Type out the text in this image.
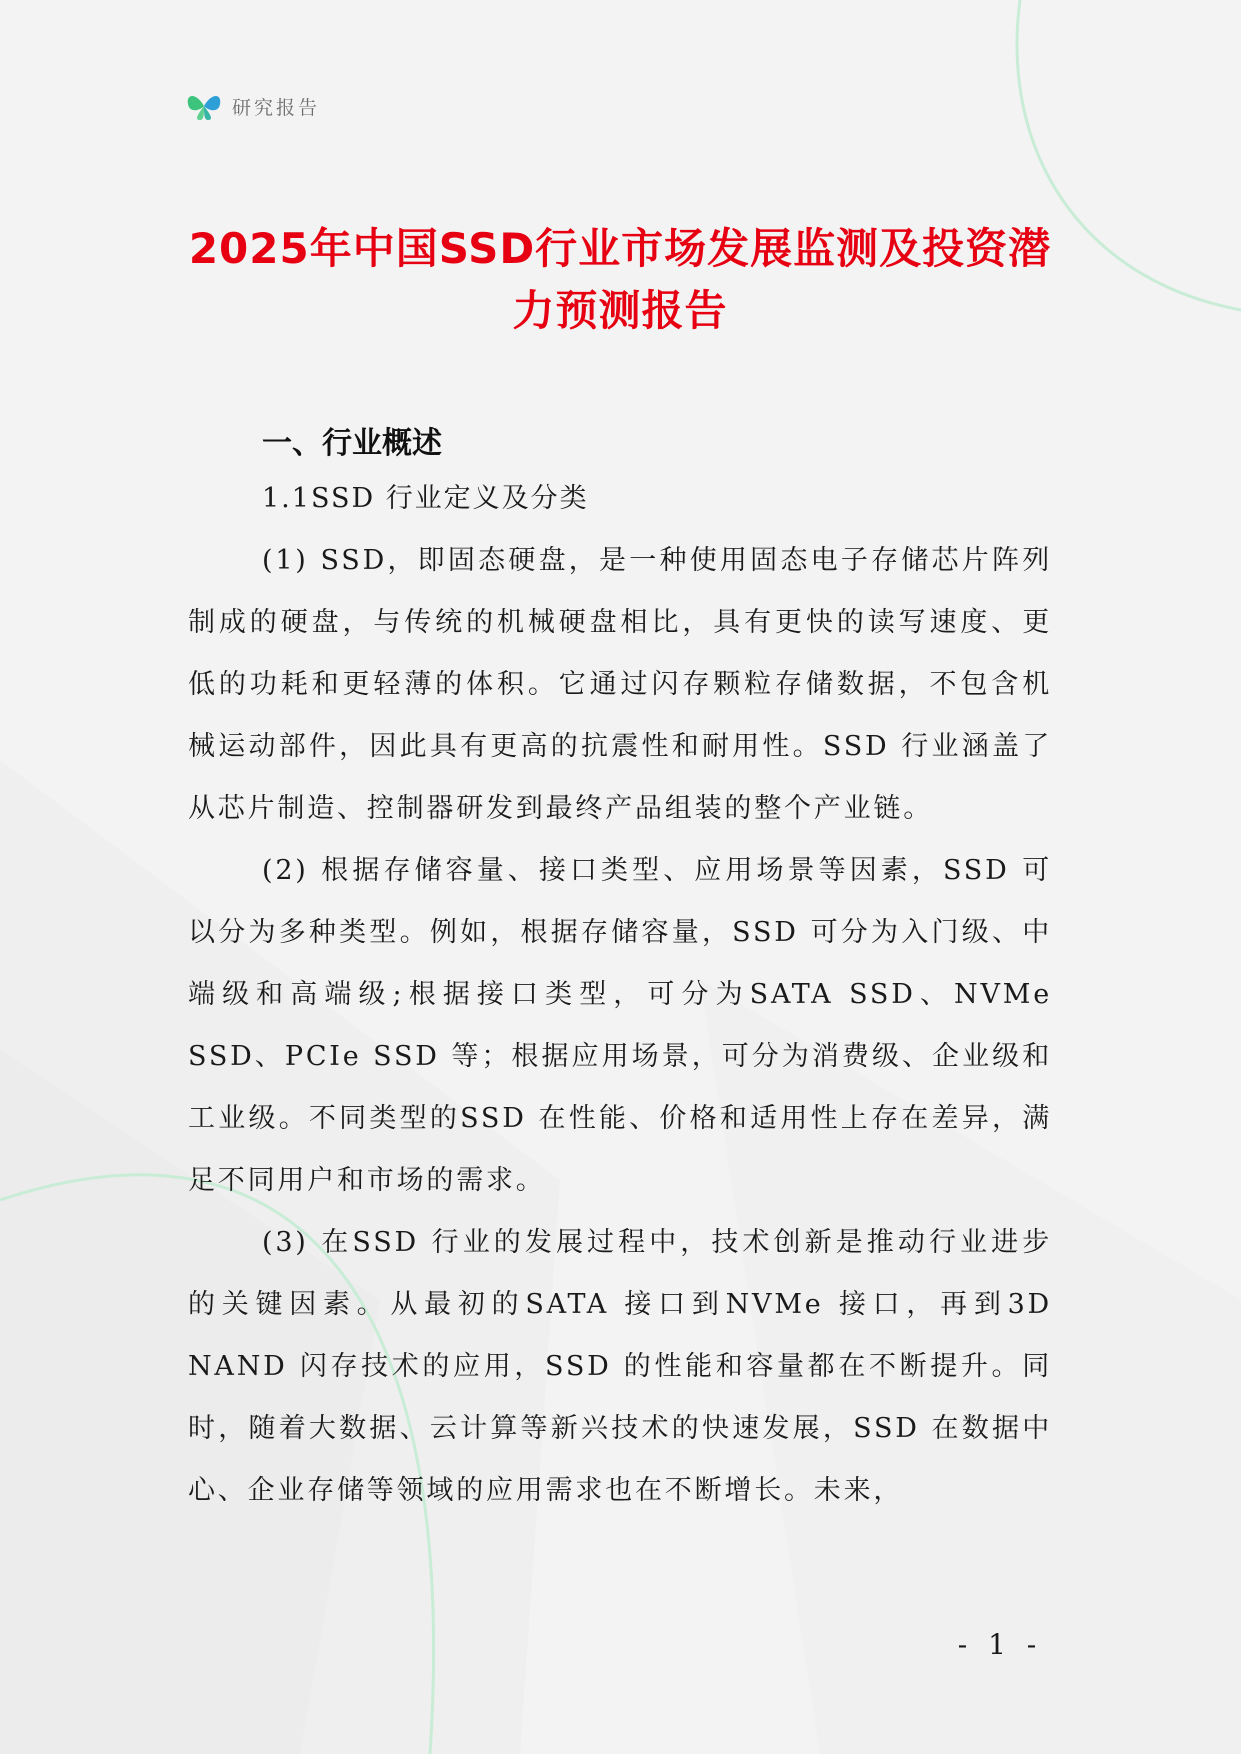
研究报告
2025年中国SSD行业市场发展监测及投资潜力预测报告
一、行业概述

1.1SSD 行业定义及分类

(1) SSD，即固态硬盘，是一种使用固态电子存储芯片阵列制成的硬盘，与传统的机械硬盘相比，具有更快的读写速度、更低的功耗和更轻薄的体积。它通过闪存颗粒存储数据，不包含机械运动部件，因此具有更高的抗震性和耐用性。SSD 行业涵盖了从芯片制造、控制器研发到最终产品组装的整个产业链。

(2) 根据存储容量、接口类型、应用场景等因素，SSD 可以分为多种类型。例如，根据存储容量，SSD 可分为入门级、中端级和高端级;根据接口类型，可分为SATA SSD、NVMe SSD、PCIe SSD 等；根据应用场景，可分为消费级、企业级和工业级。不同类型的SSD 在性能、价格和适用性上存在差异，满足不同用户和市场的需求。

(3) 在SSD 行业的发展过程中，技术创新是推动行业进步的关键因素。从最初的SATA 接口到NVMe 接口，再到3D NAND 闪存技术的应用，SSD 的性能和容量都在不断提升。同时，随着大数据、云计算等新兴技术的快速发展，SSD 在数据中心、企业存储等领域的应用需求也在不断增长。未来，

- 1 -
